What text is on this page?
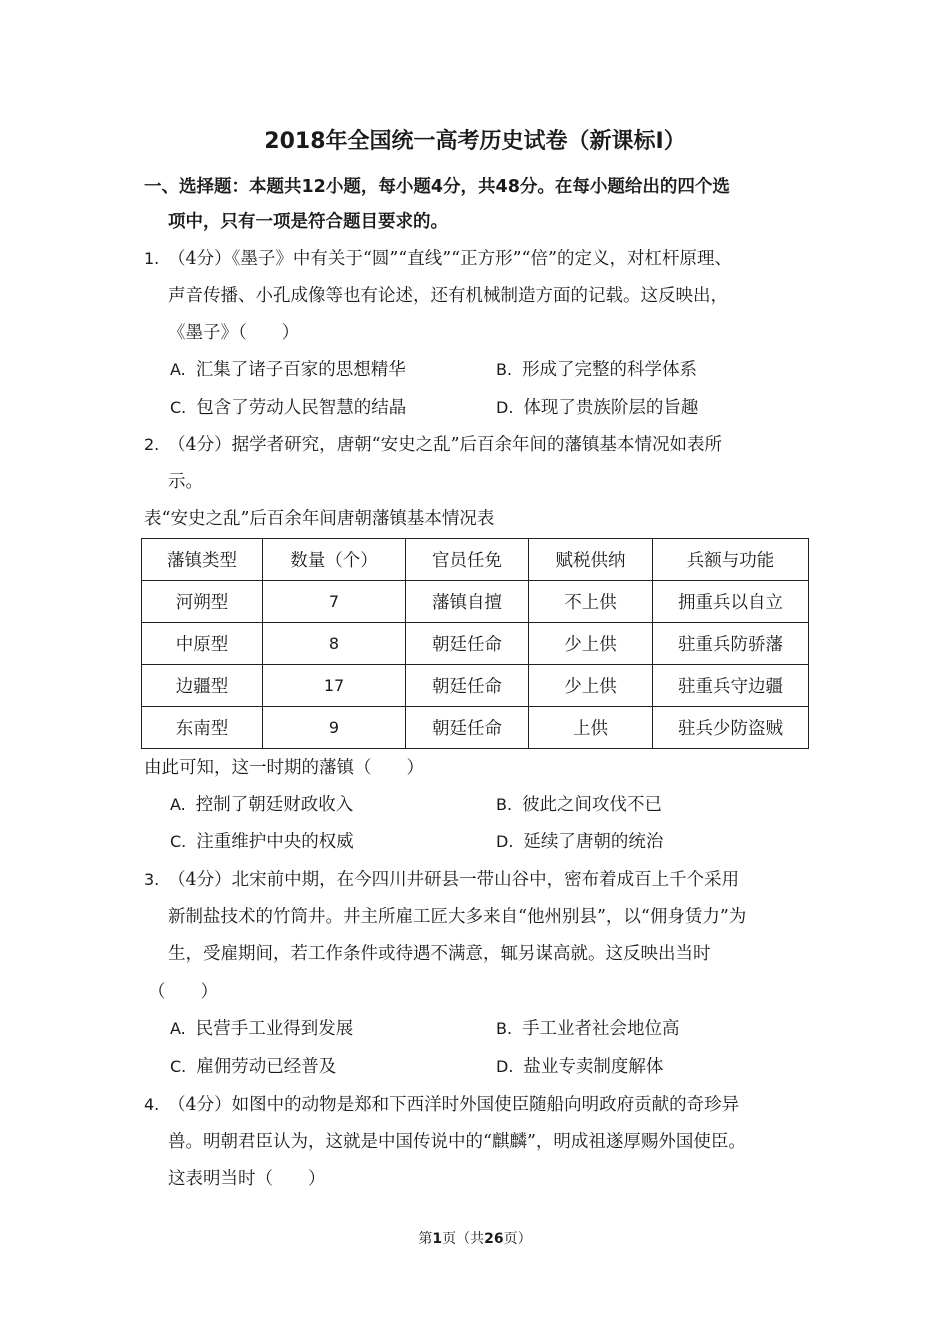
2018年全国统一高考历史试卷（新课标Ⅰ）
一、选择题：本题共12小题，每小题4分，共48分。在每小题给出的四个选
项中，只有一项是符合题目要求的。
1. （4分）《墨子》中有关于“圆”“直线”“正方形”“倍”的定义，对杠杆原理、
声音传播、小孔成像等也有论述，还有机械制造方面的记载。这反映出，
《墨子》（　　）
A. 汇集了诸子百家的思想精华	B. 形成了完整的科学体系
C. 包含了劳动人民智慧的结晶	D. 体现了贵族阶层的旨趣
2. （4分）据学者研究，唐朝“安史之乱”后百余年间的藩镇基本情况如表所
示。
表“安史之乱”后百余年间唐朝藩镇基本情况表
藩镇类型	数量（个）	官员任免	赋税供纳	兵额与功能
河朔型	7	藩镇自擅	不上供	拥重兵以自立
中原型	8	朝廷任命	少上供	驻重兵防骄藩
边疆型	17	朝廷任命	少上供	驻重兵守边疆
东南型	9	朝廷任命	上供	驻兵少防盗贼
由此可知，这一时期的藩镇（　　）
A. 控制了朝廷财政收入	B. 彼此之间攻伐不已
C. 注重维护中央的权威	D. 延续了唐朝的统治
3. （4分）北宋前中期，在今四川井研县一带山谷中，密布着成百上千个采用
新制盐技术的竹筒井。井主所雇工匠大多来自“他州别县”，以“佣身赁力”为
生，受雇期间，若工作条件或待遇不满意，辄另谋高就。这反映出当时
（　　）
A. 民营手工业得到发展	B. 手工业者社会地位高
C. 雇佣劳动已经普及	D. 盐业专卖制度解体
4. （4分）如图中的动物是郑和下西洋时外国使臣随船向明政府贡献的奇珍异
兽。明朝君臣认为，这就是中国传说中的“麒麟”，明成祖遂厚赐外国使臣。
这表明当时（　　）
第1页（共26页）
